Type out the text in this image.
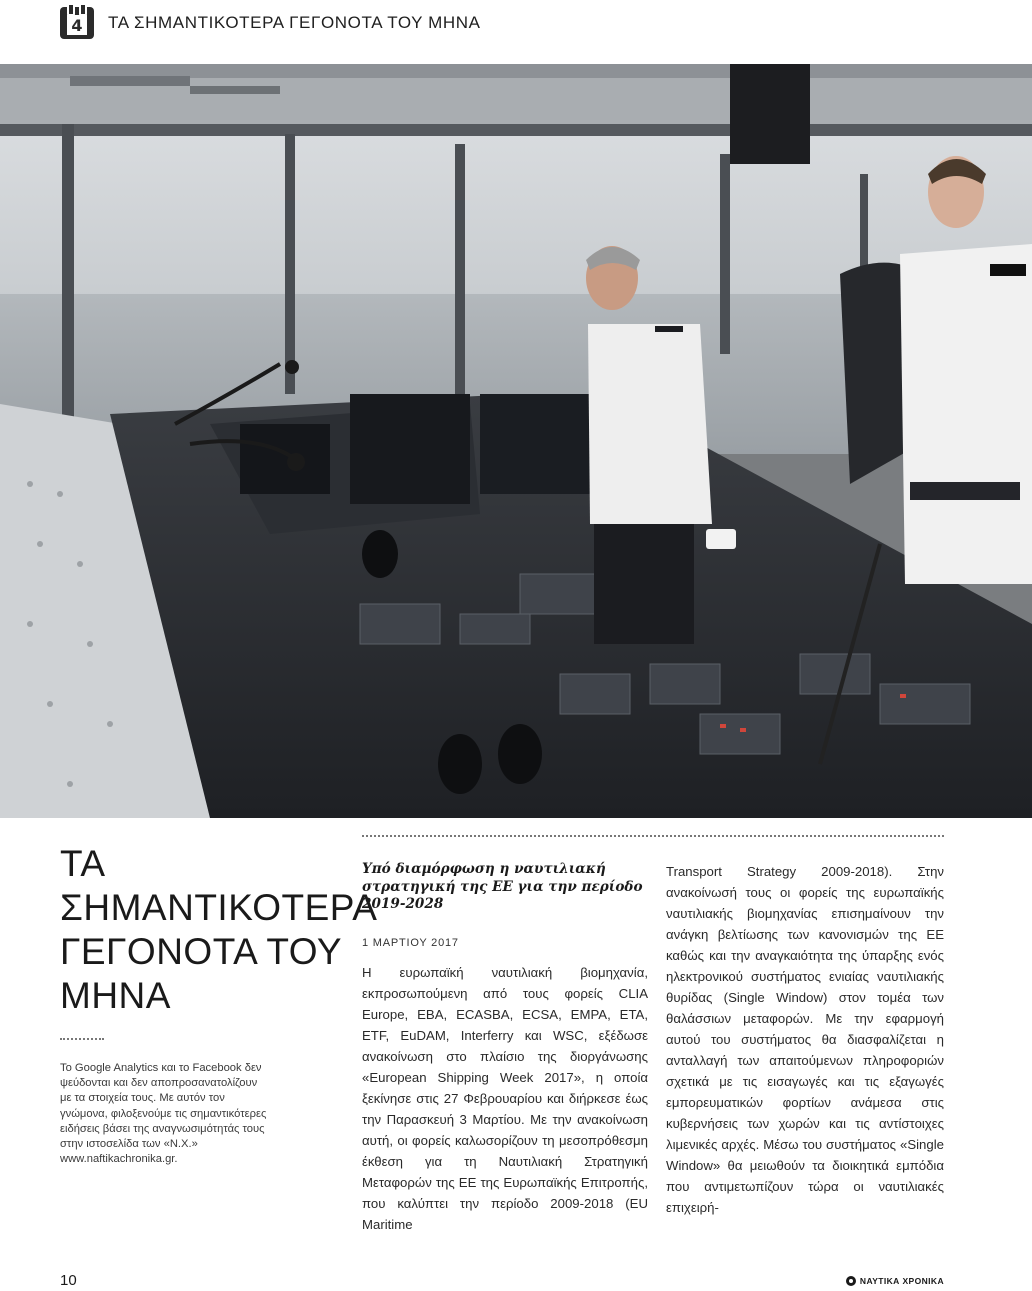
4 ΤΑ ΣΗΜΑΝΤΙΚΟΤΕΡΑ ΓΕΓΟΝΟΤΑ ΤΟΥ ΜΗΝΑ
ΤΑ ΣΗΜΑΝΤΙΚΟΤΕΡΑ ΓΕΓΟΝΟΤΑ ΤΟΥ ΜΗΝΑ
Το Google Analytics και το Facebook δεν ψεύδονται και δεν αποπροσανατολίζουν με τα στοιχεία τους. Με αυτόν τον γνώμονα, φιλοξενούμε τις σημαντικότερες ειδήσεις βάσει της αναγνωσιμότητάς τους στην ιστοσελίδα των «Ν.Χ.» www.naftikachronika.gr.
Υπό διαμόρφωση η ναυτιλιακή στρατηγική της ΕΕ για την περίοδο 2019-2028
1 ΜΑΡΤΙΟΥ 2017
Η ευρωπαϊκή ναυτιλιακή βιομηχανία, εκπροσωπούμενη από τους φορείς CLIA Europe, EBA, ECASBA, ECSA, EMPA, ETA, ETF, EuDAM, Interferry και WSC, εξέδωσε ανακοίνωση στο πλαίσιο της διοργάνωσης «European Shipping Week 2017», η οποία ξεκίνησε στις 27 Φεβρουαρίου και διήρκεσε έως την Παρασκευή 3 Μαρτίου. Με την ανακοίνωση αυτή, οι φορείς καλωσορίζουν τη μεσοπρόθεσμη έκθεση για τη Ναυτιλιακή Στρατηγική Μεταφορών της ΕΕ της Ευρωπαϊκής Επιτροπής, που καλύπτει την περίοδο 2009-2018 (EU Maritime
Transport Strategy 2009-2018). Στην ανακοίνωσή τους οι φορείς της ευρωπαϊκής ναυτιλιακής βιομηχανίας επισημαίνουν την ανάγκη βελτίωσης των κανονισμών της ΕΕ καθώς και την αναγκαιότητα της ύπαρξης ενός ηλεκτρονικού συστήματος ενιαίας ναυτιλιακής θυρίδας (Single Window) στον τομέα των θαλάσσιων μεταφορών. Με την εφαρμογή αυτού του συστήματος θα διασφαλίζεται η ανταλλαγή των απαιτούμενων πληροφοριών σχετικά με τις εισαγωγές και τις εξαγωγές εμπορευματικών φορτίων ανάμεσα στις κυβερνήσεις των χωρών και τις αντίστοιχες λιμενικές αρχές. Μέσω του συστήματος «Single Window» θα μειωθούν τα διοικητικά εμπόδια που αντιμετωπίζουν τώρα οι ναυτιλιακές επιχειρή-
10	ΝΑΥΤΙΚΑ ΧΡΟΝΙΚΑ
